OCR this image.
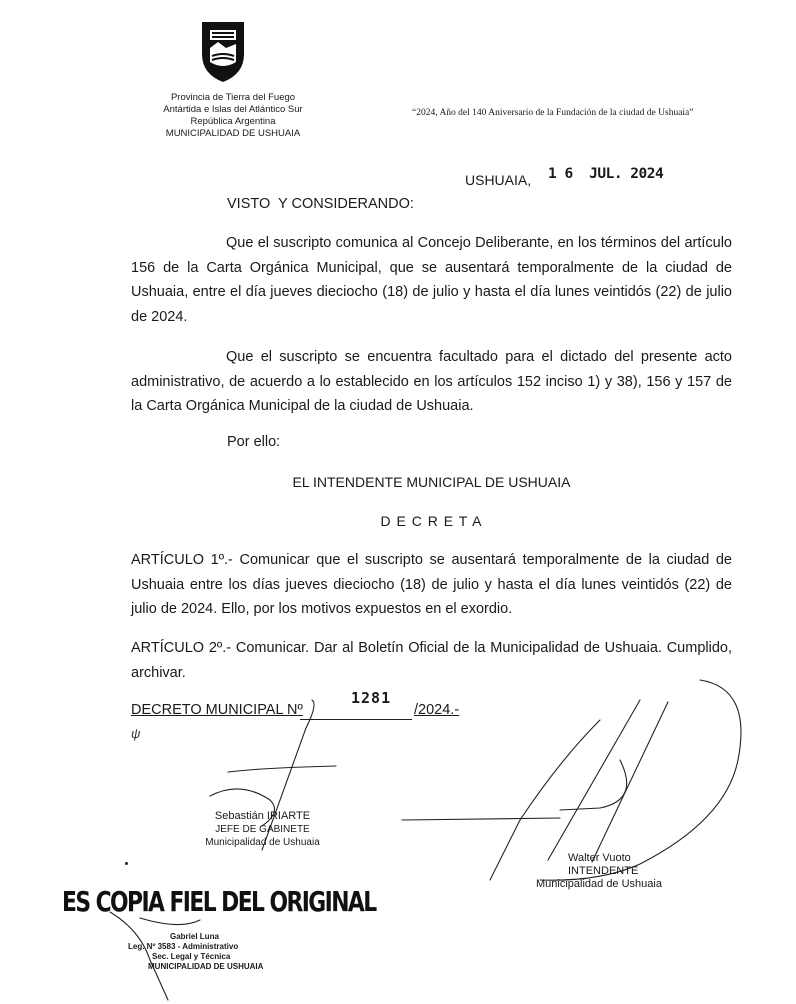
Provincia de Tierra del Fuego
Antártida e Islas del Atlántico Sur
República Argentina
MUNICIPALIDAD DE USHUAIA
“2024, Año del 140 Aniversario de la Fundación de la ciudad de Ushuaia”
USHUAIA, 1 6  JUL. 2024
VISTO  Y CONSIDERANDO:
Que el suscripto comunica al Concejo Deliberante, en los términos del artículo 156 de la Carta Orgánica Municipal, que se ausentará temporalmente de la ciudad de Ushuaia, entre el día jueves dieciocho (18) de julio y hasta el día lunes veintidós (22) de julio de 2024.
Que el suscripto se encuentra facultado para el dictado del presente acto administrativo, de acuerdo a lo establecido en los artículos 152 inciso 1) y 38), 156 y 157 de la Carta Orgánica Municipal de la ciudad de Ushuaia.
Por ello:
EL INTENDENTE MUNICIPAL DE USHUAIA
D E C R E T A
ARTÍCULO 1º.- Comunicar que el suscripto se ausentará temporalmente de la ciudad de Ushuaia entre los días jueves dieciocho (18) de julio y hasta el día lunes veintidós (22) de julio de 2024. Ello, por los motivos expuestos en el exordio.
ARTÍCULO 2º.- Comunicar. Dar al Boletín Oficial de la Municipalidad de Ushuaia. Cumplido, archivar.
DECRETO MUNICIPAL Nº
1281
/2024.-
ψ
Sebastián IRIARTE
JEFE DE GABINETE
Municipalidad de Ushuaia
Walter Vuoto
INTENDENTE
Municipalidad de Ushuaia
ES COPIA FIEL DEL ORIGINAL
Gabriel Luna
Leg. Nº 3583 - Administrativo
Sec. Legal y Técnica
MUNICIPALIDAD DE USHUAIA
